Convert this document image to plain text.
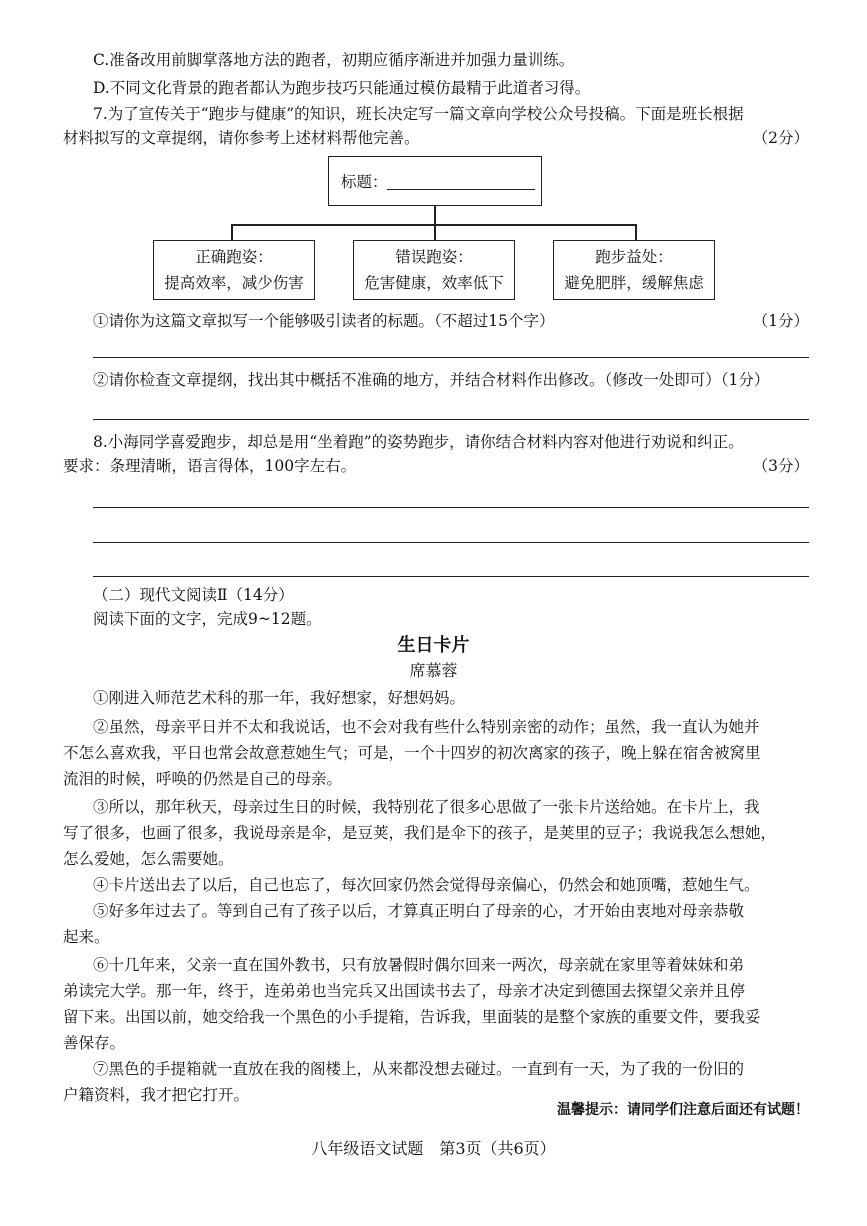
C.准备改用前脚掌落地方法的跑者，初期应循序渐进并加强力量训练。
D.不同文化背景的跑者都认为跑步技巧只能通过模仿最精于此道者习得。
7.为了宣传关于“跑步与健康”的知识，班长决定写一篇文章向学校公众号投稿。下面是班长根据
材料拟写的文章提纲，请你参考上述材料帮他完善。	（2分）
标题：
正确跑姿：
提高效率，减少伤害
错误跑姿：
危害健康，效率低下
跑步益处：
避免肥胖，缓解焦虑
①请你为这篇文章拟写一个能够吸引读者的标题。（不超过15个字）	（1分）
②请你检查文章提纲，找出其中概括不准确的地方，并结合材料作出修改。（修改一处即可）（1分）
8.小海同学喜爱跑步，却总是用“坐着跑”的姿势跑步，请你结合材料内容对他进行劝说和纠正。
要求：条理清晰，语言得体，100字左右。	（3分）
（二）现代文阅读Ⅱ（14分）
阅读下面的文字，完成9~12题。
生日卡片
席慕蓉
①刚进入师范艺术科的那一年，我好想家，好想妈妈。
②虽然，母亲平日并不太和我说话，也不会对我有些什么特别亲密的动作；虽然，我一直认为她并
不怎么喜欢我，平日也常会故意惹她生气；可是，一个十四岁的初次离家的孩子，晚上躲在宿舍被窝里
流泪的时候，呼唤的仍然是自己的母亲。
③所以，那年秋天，母亲过生日的时候，我特别花了很多心思做了一张卡片送给她。在卡片上，我
写了很多，也画了很多，我说母亲是伞，是豆荚，我们是伞下的孩子，是荚里的豆子；我说我怎么想她，
怎么爱她，怎么需要她。
④卡片送出去了以后，自己也忘了，每次回家仍然会觉得母亲偏心，仍然会和她顶嘴，惹她生气。
⑤好多年过去了。等到自己有了孩子以后，才算真正明白了母亲的心，才开始由衷地对母亲恭敬
起来。
⑥十几年来，父亲一直在国外教书，只有放暑假时偶尔回来一两次，母亲就在家里等着妹妹和弟
弟读完大学。那一年，终于，连弟弟也当完兵又出国读书去了，母亲才决定到德国去探望父亲并且停
留下来。出国以前，她交给我一个黑色的小手提箱，告诉我，里面装的是整个家族的重要文件，要我妥
善保存。
⑦黑色的手提箱就一直放在我的阁楼上，从来都没想去碰过。一直到有一天，为了我的一份旧的
户籍资料，我才把它打开。
温馨提示：请同学们注意后面还有试题！
八年级语文试题　第3页（共6页）
